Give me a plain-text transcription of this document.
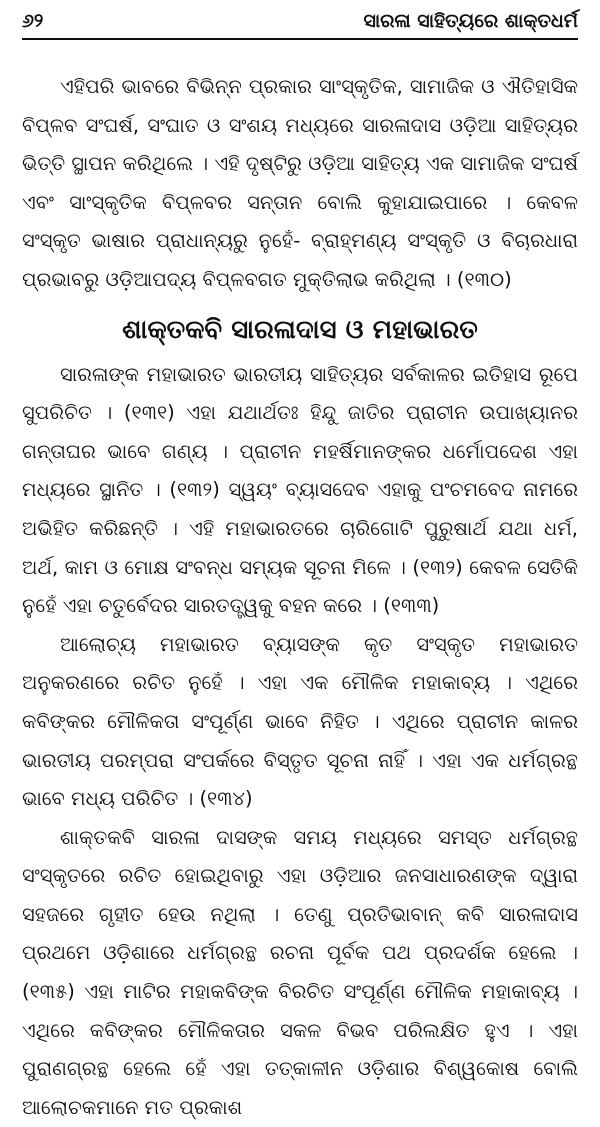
୬୨	ସାରଳା ସାହିତ୍ୟରେ ଶାକ୍ତଧର୍ମ

ଏହିପରି ଭାବରେ ବିଭିନ୍ନ ପ୍ରକାର ସାଂସ୍କୃତିକ, ସାମାଜିକ ଓ ଐତିହାସିକ ବିପ୍ଳବ ସଂଘର୍ଷ, ସଂଘାତ ଓ ସଂଶୟ ମଧ୍ୟରେ ସାରଳାଦାସ ଓଡ଼ିଆ ସାହିତ୍ୟର ଭିତ୍ତି ସ୍ଥାପନ କରିଥିଲେ । ଏହି ଦୃଷ୍ଟିରୁ ଓଡ଼ିଆ ସାହିତ୍ୟ ଏକ ସାମାଜିକ ସଂଘର୍ଷ ଏବଂ ସାଂସ୍କୃତିକ ବିପ୍ଳବର ସନ୍ତାନ ବୋଲି କୁହାଯାଇପାରେ । କେବଳ ସଂସ୍କୃତ ଭାଷାର ପ୍ରାଧାନ୍ୟରୁ ନୁହେଁ- ବ୍ରାହ୍ମଣ୍ୟ ସଂସ୍କୃତି ଓ ବିଚାରଧାରା ପ୍ରଭାବରୁ ଓଡ଼ିଆପଦ୍ୟ ବିପ୍ଳବଗତ ମୁକ୍ତିଲାଭ କରିଥିଲା । (୧୩୦)

ଶାକ୍ତକବି ସାରଳାଦାସ ଓ ମହାଭାରତ

ସାରଳାଙ୍କ ମହାଭାରତ ଭାରତୀୟ ସାହିତ୍ୟର ସର୍ବକାଳର ଇତିହାସ ରୂପେ ସୁପରିଚିତ । (୧୩୧) ଏହା ଯଥାର୍ଥତଃ ହିନ୍ଦୁ ଜାତିର ପ୍ରାଚୀନ ଉପାଖ୍ୟାନର ଗନ୍ତାଘର ଭାବେ ଗଣ୍ୟ । ପ୍ରାଚୀନ ମହର୍ଷିମାନଙ୍କର ଧର୍ମୋପଦେଶ ଏହା ମଧ୍ୟରେ ସ୍ଥାନିତ । (୧୩୨) ସ୍ୱୟଂ ବ୍ୟାସଦେବ ଏହାକୁ ପଂଚମବେଦ ନାମରେ ଅଭିହିତ କରିଛନ୍ତି । ଏହି ମହାଭାରତରେ ଚାରିଗୋଟି ପୁରୁଷାର୍ଥ ଯଥା ଧର୍ମ, ଅର୍ଥ, କାମ ଓ ମୋକ୍ଷ ସଂବନ୍ଧ ସମ୍ୟକ ସୂଚନା ମିଳେ । (୧୩୨) କେବଳ ସେତିକି ନୁହେଁ ଏହା ଚତୁର୍ବେଦର ସାରତତ୍ତ୍ୱକୁ ବହନ କରେ । (୧୩୩)

ଆଲୋଚ୍ୟ ମହାଭାରତ ବ୍ୟାସଙ୍କ କୃତ ସଂସ୍କୃତ ମହାଭାରତ ଅନୁକରଣରେ ରଚିତ ନୁହେଁ । ଏହା ଏକ ମୌଳିକ ମହାକାବ୍ୟ । ଏଥିରେ କବିଙ୍କର ମୌଳିକତା ସଂପୂର୍ଣ୍ଣ ଭାବେ ନିହିତ । ଏଥିରେ ପ୍ରାଚୀନ କାଳର ଭାରତୀୟ ପରମ୍ପରା ସଂପର୍କରେ ବିସ୍ତୃତ ସୂଚନା ନାହିଁ । ଏହା ଏକ ଧର୍ମଗ୍ରନ୍ଥ ଭାବେ ମଧ୍ୟ ପରିଚିତ । (୧୩୪)

ଶାକ୍ତକବି ସାରଳା ଦାସଙ୍କ ସମୟ ମଧ୍ୟରେ ସମସ୍ତ ଧର୍ମଗ୍ରନ୍ଥ ସଂସ୍କୃତରେ ରଚିତ ହୋଇଥିବାରୁ ଏହା ଓଡ଼ିଆର ଜନସାଧାରଣଙ୍କ ଦ୍ୱାରା ସହଜରେ ଗୃହୀତ ହେଉ ନଥିଲା । ତେଣୁ ପ୍ରତିଭାବାନ୍ କବି ସାରଳାଦାସ ପ୍ରଥମେ ଓଡ଼ିଶାରେ ଧର୍ମଗ୍ରନ୍ଥ ରଚନା ପୂର୍ବକ ପଥ ପ୍ରଦର୍ଶକ ହେଲେ । (୧୩୫) ଏହା ମାଟିର ମହାକବିଙ୍କ ବିରଚିତ ସଂପୂର୍ଣ୍ଣ ମୌଳିକ ମହାକାବ୍ୟ । ଏଥିରେ କବିଙ୍କର ମୌଳିକତାର ସକଳ ବିଭବ ପରିଲକ୍ଷିତ ହୁଏ । ଏହା ପୁରାଣଗ୍ରନ୍ଥ ହେଲେ ହେଁ ଏହା ତତ୍‌କାଳୀନ ଓଡ଼ିଶାର ବିଶ୍ୱକୋଷ ବୋଲି ଆଲୋଚକମାନେ ମତ ପ୍ରକାଶ
